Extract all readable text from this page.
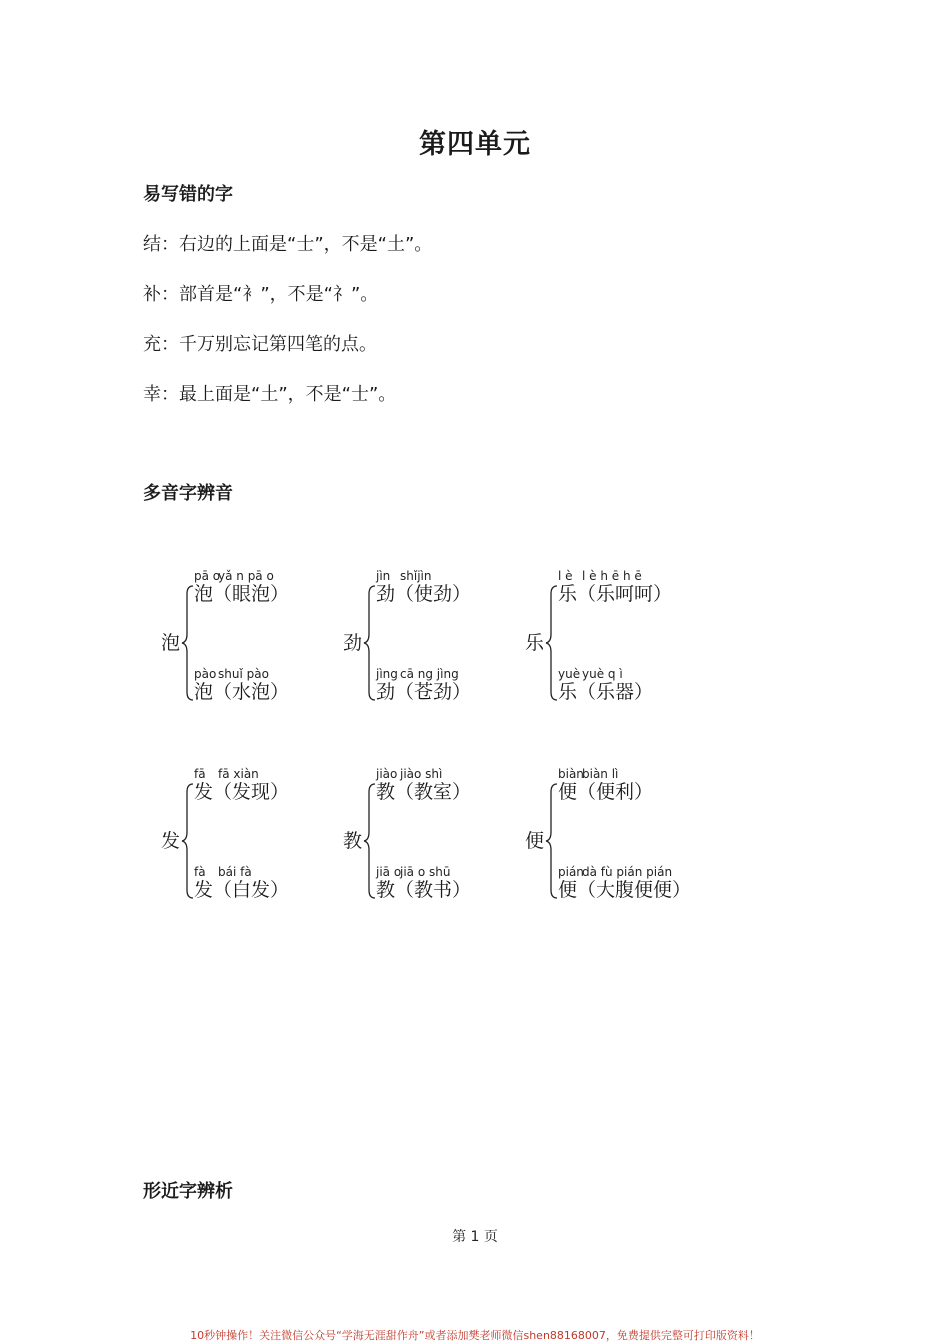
第四单元
易写错的字
结：右边的上面是“士”，不是“土”。
补：部首是“衤”，不是“礻”。
充：千万别忘记第四笔的点。
幸：最上面是“土”，不是“士”。
多音字辨音
泡
pā oyǎ n pā o
泡（眼泡）
pào shuǐ pào
泡（水泡）
劲
jìn shǐjìn
劲（使劲）
jìng cā ng jìng
劲（苍劲）
乐
l è l è h ē h ē
乐（乐呵呵）
yuè yuè q ì
乐（乐器）
发
fā fā xiàn
发（发现）
fà bái fà
发（白发）
教
jiào jiào shì
教（教室）
jiā ojiā o shū
教（教书）
便
biànbiàn lì
便（便利）
piándà fù pián pián
便（大腹便便）
形近字辨析
第 1 页
10秒钟操作！关注微信公众号“学海无涯甜作舟”或者添加樊老师微信shen88168007，免费提供完整可打印版资料！
